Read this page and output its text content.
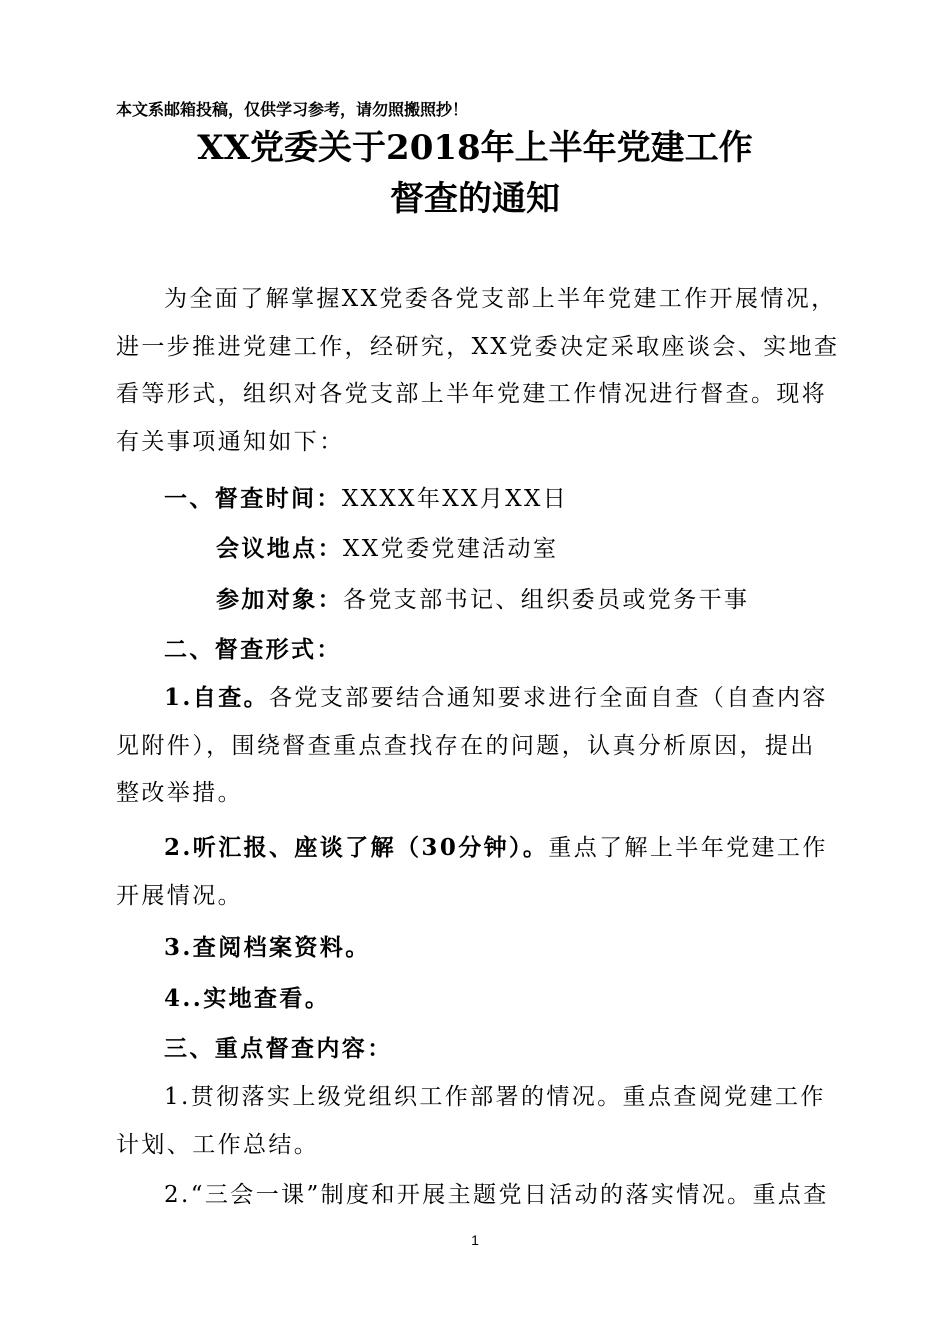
本文系邮箱投稿，仅供学习参考，请勿照搬照抄！
XX党委关于2018年上半年党建工作
督查的通知

为全面了解掌握XX党委各党支部上半年党建工作开展情况，进一步推进党建工作，经研究，XX党委决定采取座谈会、实地查看等形式，组织对各党支部上半年党建工作情况进行督查。现将有关事项通知如下：

一、督查时间：XXXX年XX月XX日
会议地点：XX党委党建活动室
参加对象：各党支部书记、组织委员或党务干事
二、督查形式：

1.自查。各党支部要结合通知要求进行全面自查（自查内容见附件），围绕督查重点查找存在的问题，认真分析原因，提出整改举措。

2.听汇报、座谈了解（30分钟）。重点了解上半年党建工作开展情况。

3.查阅档案资料。
4..实地查看。
三、重点督查内容：

1.贯彻落实上级党组织工作部署的情况。重点查阅党建工作计划、工作总结。

2.“三会一课”制度和开展主题党日活动的落实情况。重点查

1
